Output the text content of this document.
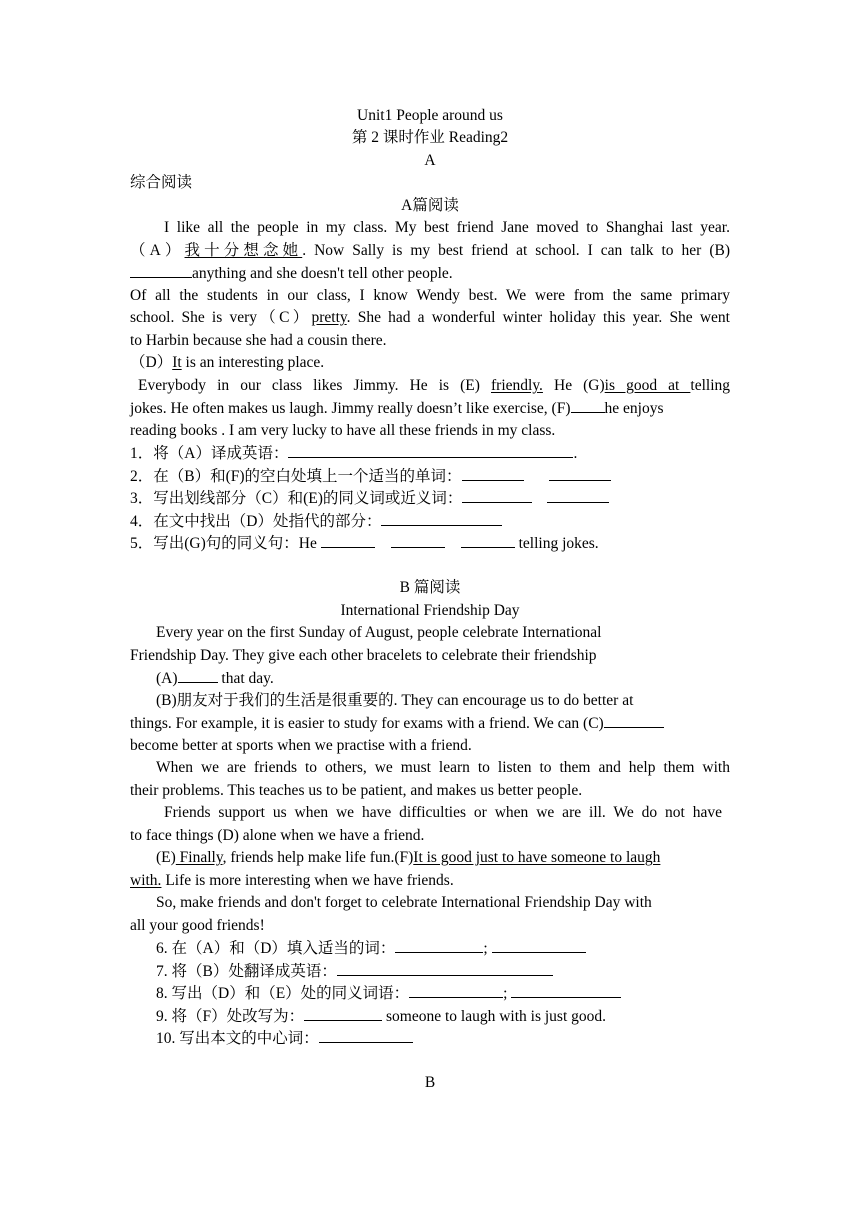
Unit1 People around us
第 2 课时作业 Reading2
A
综合阅读
A篇阅读
I like all the people in my class. My best friend Jane moved to Shanghai last year.
（A）我十分想念她. Now Sally is my best friend at school. I can talk to her (B)
anything and she doesn't tell other people.
Of all the students in our class, I know Wendy best. We were from the same primary
school. She is very（C）pretty. She had a wonderful winter holiday this year. She went
to Harbin because she had a cousin there.
（D）It is an interesting place.
Everybody in our class likes Jimmy. He is (E) friendly. He (G)is good at telling
jokes. He often makes us laugh. Jimmy really doesn’t like exercise, (F) he enjoys
reading books . I am very lucky to have all these friends in my class.
1．将（A）译成英语：	.
2．在（B）和(F)的空白处填上一个适当的单词：
3．写出划线部分（C）和(E)的同义词或近义词：
4．在文中找出（D）处指代的部分：
5．写出(G)句的同义句：He	telling jokes.
B 篇阅读
International Friendship Day
Every year on the first Sunday of August, people celebrate International
Friendship Day. They give each other bracelets to celebrate their friendship
(A)	that day.
(B)朋友对于我们的生活是很重要的. They can encourage us to do better at
things. For example, it is easier to study for exams with a friend. We can (C)
become better at sports when we practise with a friend.
When we are friends to others, we must learn to listen to them and help them with
their problems. This teaches us to be patient, and makes us better people.
Friends support us when we have difficulties or when we are ill. We do not have
to face things (D) alone when we have a friend.
(E) Finally, friends help make life fun.(F)It is good just to have someone to laugh
with. Life is more interesting when we have friends.
So, make friends and don't forget to celebrate International Friendship Day with
all your good friends!
6. 在（A）和（D）填入适当的词：	;
7. 将（B）处翻译成英语：
8. 写出（D）和（E）处的同义词语：	;
9. 将（F）处改写为：	someone to laugh with is just good.
10. 写出本文的中心词：
B
